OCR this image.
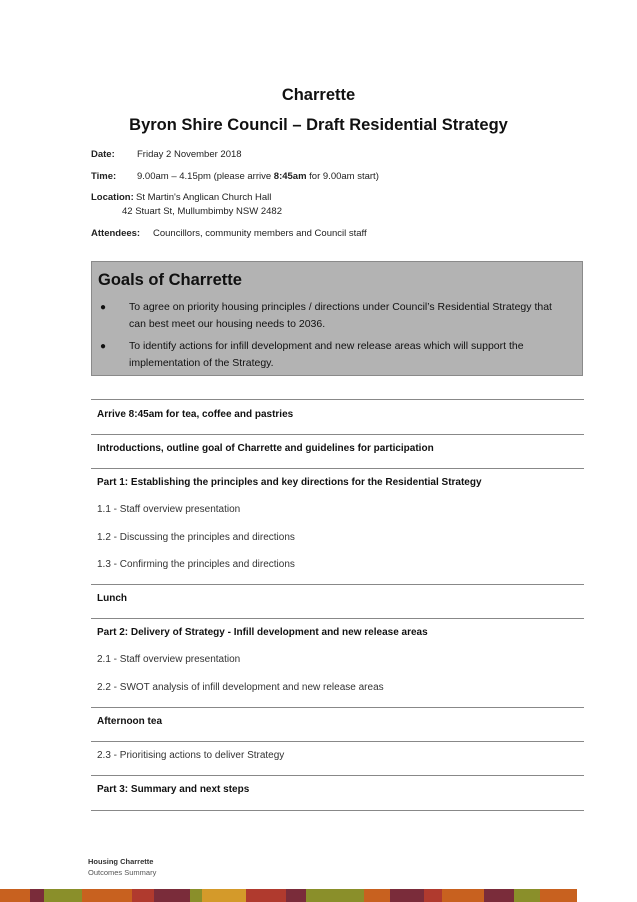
Charrette
Byron Shire Council – Draft Residential Strategy
Date: Friday 2 November 2018
Time: 9.00am – 4.15pm (please arrive 8:45am for 9.00am start)
Location: St Martin's Anglican Church Hall
42 Stuart St, Mullumbimby NSW 2482
Attendees: Councillors, community members and Council staff
Goals of Charrette
● To agree on priority housing principles / directions under Council’s Residential Strategy that
can best meet our housing needs to 2036.
● To identify actions for infill development and new release areas which will support the
implementation of the Strategy.
Arrive 8:45am for tea, coffee and pastries
Introductions, outline goal of Charrette and guidelines for participation
Part 1: Establishing the principles and key directions for the Residential Strategy
1.1 - Staff overview presentation
1.2 - Discussing the principles and directions
1.3 - Confirming the principles and directions
Lunch
Part 2: Delivery of Strategy - Infill development and new release areas
2.1 - Staff overview presentation
2.2 - SWOT analysis of infill development and new release areas
Afternoon tea
2.3 - Prioritising actions to deliver Strategy
Part 3: Summary and next steps
Housing Charrette
Outcomes Summary
